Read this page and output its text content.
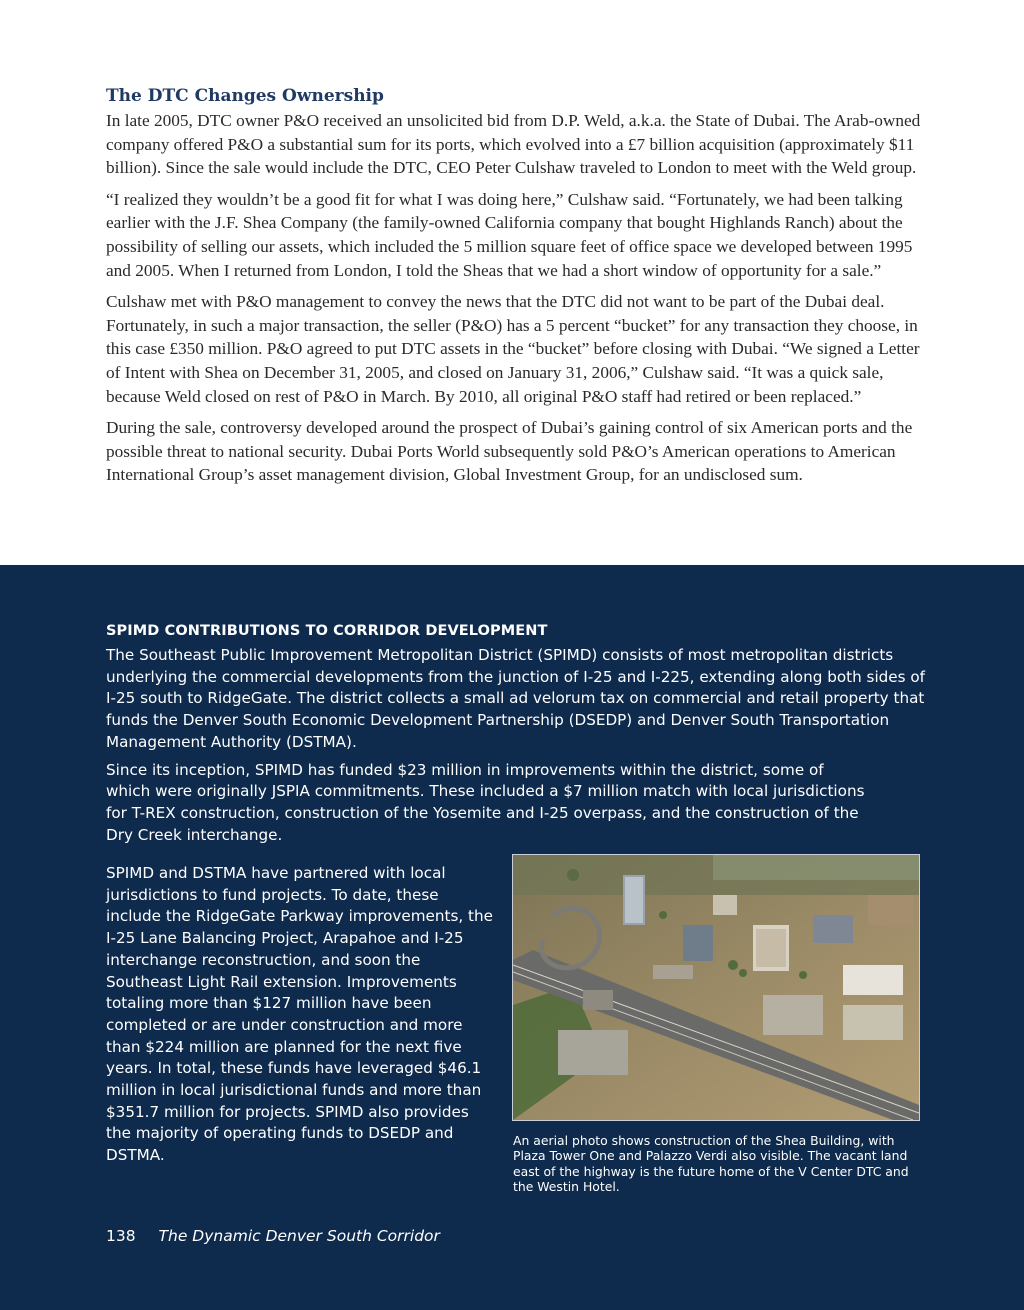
The DTC Changes Ownership

In late 2005, DTC owner P&O received an unsolicited bid from D.P. Weld, a.k.a. the State of Dubai. The Arab-owned company offered P&O a substantial sum for its ports, which evolved into a £7 billion acquisition (approximately $11 billion). Since the sale would include the DTC, CEO Peter Culshaw traveled to London to meet with the Weld group.

“I realized they wouldn’t be a good fit for what I was doing here,” Culshaw said. “Fortunately, we had been talking earlier with the J.F. Shea Company (the family-owned California company that bought Highlands Ranch) about the possibility of selling our assets, which included the 5 million square feet of office space we developed between 1995 and 2005. When I returned from London, I told the Sheas that we had a short window of opportunity for a sale.”

Culshaw met with P&O management to convey the news that the DTC did not want to be part of the Dubai deal. Fortunately, in such a major transaction, the seller (P&O) has a 5 percent “bucket” for any transaction they choose, in this case £350 million. P&O agreed to put DTC assets in the “bucket” before closing with Dubai. “We signed a Letter of Intent with Shea on December 31, 2005, and closed on January 31, 2006,” Culshaw said. “It was a quick sale, because Weld closed on rest of P&O in March. By 2010, all original P&O staff had retired or been replaced.”

During the sale, controversy developed around the prospect of Dubai’s gaining control of six American ports and the possible threat to national security. Dubai Ports World subsequently sold P&O’s American operations to American International Group’s asset management division, Global Investment Group, for an undisclosed sum.

SPIMD CONTRIBUTIONS TO CORRIDOR DEVELOPMENT

The Southeast Public Improvement Metropolitan District (SPIMD) consists of most metropolitan districts underlying the commercial developments from the junction of I-25 and I-225, extending along both sides of I-25 south to RidgeGate. The district collects a small ad velorum tax on commercial and retail property that funds the Denver South Economic Development Partnership (DSEDP) and Denver South Transportation Management Authority (DSTMA).

Since its inception, SPIMD has funded $23 million in improvements within the district, some of which were originally JSPIA commitments. These included a $7 million match with local jurisdictions for T-REX construction, construction of the Yosemite and I-25 overpass, and the construction of the Dry Creek interchange.

SPIMD and DSTMA have partnered with local jurisdictions to fund projects. To date, these include the RidgeGate Parkway improvements, the I-25 Lane Balancing Project, Arapahoe and I-25 interchange reconstruction, and soon the Southeast Light Rail extension. Improvements totaling more than $127 million have been completed or are under construction and more than $224 million are planned for the next five years. In total, these funds have leveraged $46.1 million in local jurisdictional funds and more than $351.7 million for projects. SPIMD also provides the majority of operating funds to DSEDP and DSTMA.

An aerial photo shows construction of the Shea Building, with Plaza Tower One and Palazzo Verdi also visible. The vacant land east of the highway is the future home of the V Center DTC and the Westin Hotel.
138 The Dynamic Denver South Corridor
